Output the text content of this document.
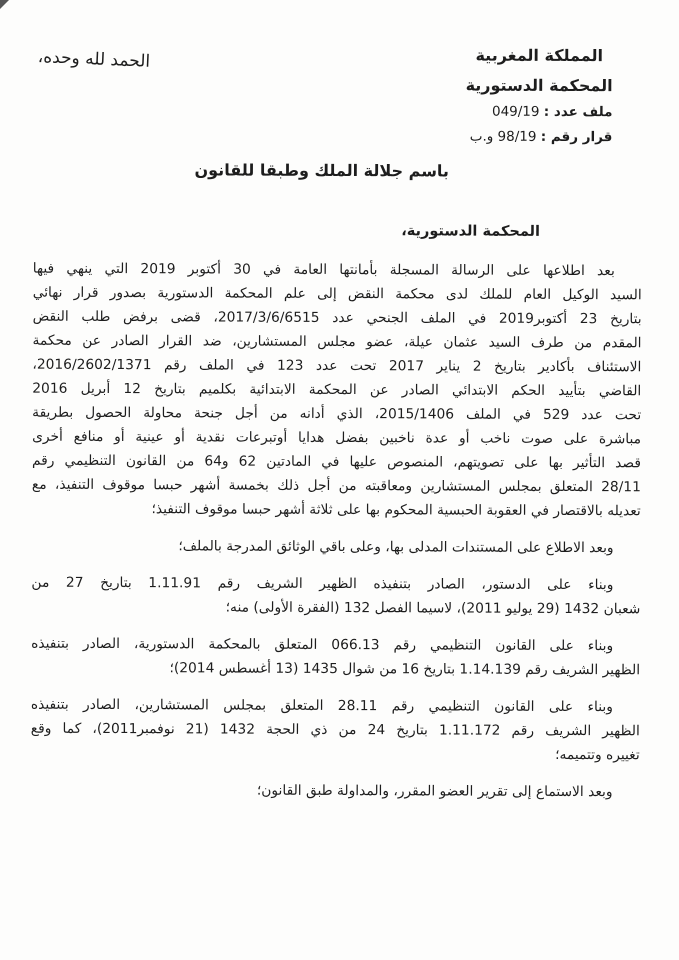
المملكة المغربية
المحكمة الدستورية
ملف عدد : 049/19
قرار رقم : 98/19 و.ب
الحمد لله وحده،
باسم جلالة الملك وطبقا للقانون
المحكمة الدستورية،
بعد اطلاعها على الرسالة المسجلة بأمانتها العامة في 30 أكتوبر 2019 التي ينهي فيها
السيد الوكيل العام للملك لدى محكمة النقض إلى علم المحكمة الدستورية بصدور قرار نهائي
بتاريخ 23 أكتوبر2019 في الملف الجنحي عدد 2017/3/6/6515، قضى برفض طلب النقض
المقدم من طرف السيد عثمان عيلة، عضو مجلس المستشارين، ضد القرار الصادر عن محكمة
الاستئناف بأكادير بتاريخ 2 يناير 2017 تحت عدد 123 في الملف رقم 2016/2602/1371،
القاضي بتأييد الحكم الابتدائي الصادر عن المحكمة الابتدائية بكلميم بتاريخ 12 أبريل 2016
تحت عدد 529 في الملف 2015/1406، الذي أدانه من أجل جنحة محاولة الحصول بطريقة
مباشرة على صوت ناخب أو عدة ناخبين بفضل هدايا أوتبرعات نقدية أو عينية أو منافع أخرى
قصد التأثير بها على تصويتهم، المنصوص عليها في المادتين 62 و64 من القانون التنظيمي رقم
28/11 المتعلق بمجلس المستشارين ومعاقبته من أجل ذلك بخمسة أشهر حبسا موقوف التنفيذ، مع
تعديله بالاقتصار في العقوبة الحبسية المحكوم بها على ثلاثة أشهر حبسا موقوف التنفيذ؛
وبعد الاطلاع على المستندات المدلى بها، وعلى باقي الوثائق المدرجة بالملف؛
وبناء على الدستور، الصادر بتنفيذه الظهير الشريف رقم 1.11.91 بتاريخ 27 من
شعبان 1432 (29 يوليو 2011)، لاسيما الفصل 132 (الفقرة الأولى) منه؛
وبناء على القانون التنظيمي رقم 066.13 المتعلق بالمحكمة الدستورية، الصادر بتنفيذه
الظهير الشريف رقم 1.14.139 بتاريخ 16 من شوال 1435 (13 أغسطس 2014)؛
وبناء على القانون التنظيمي رقم 28.11 المتعلق بمجلس المستشارين، الصادر بتنفيذه
الظهير الشريف رقم 1.11.172 بتاريخ 24 من ذي الحجة 1432 (21 نوفمبر2011)، كما وقع
تغييره وتتميمه؛
وبعد الاستماع إلى تقرير العضو المقرر، والمداولة طبق القانون؛
